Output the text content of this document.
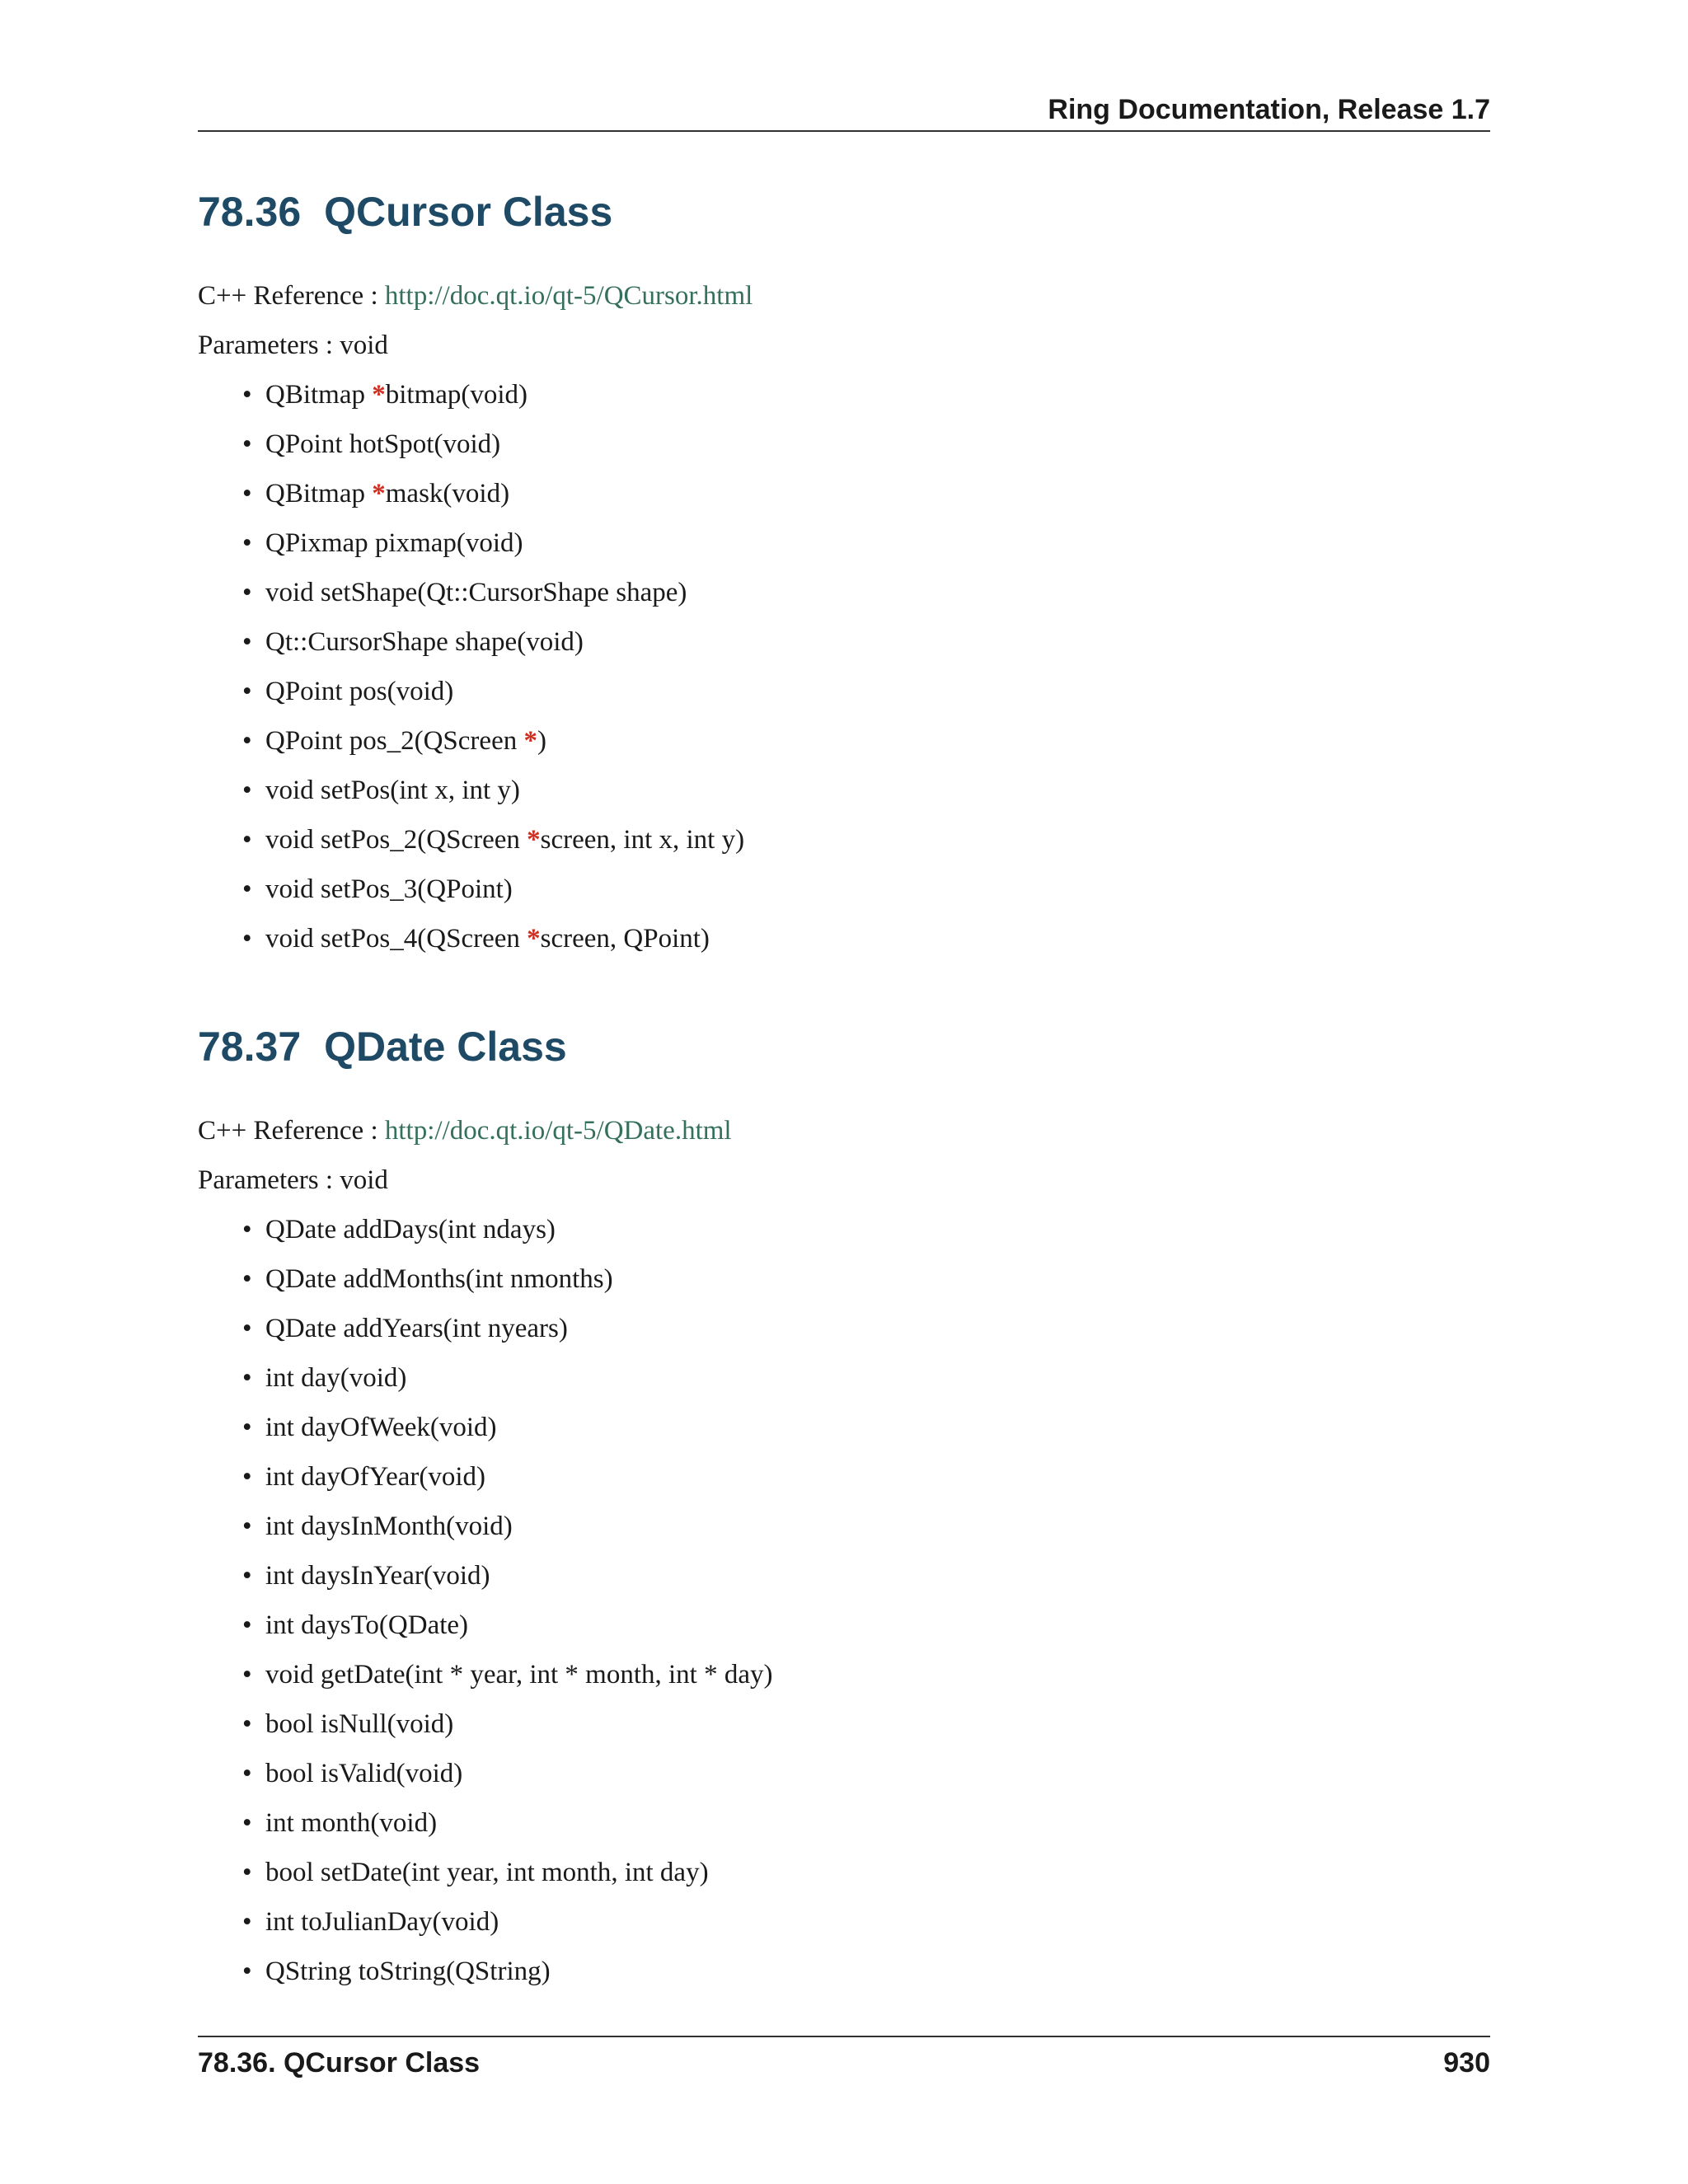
Ring Documentation, Release 1.7
78.36 QCursor Class

C++ Reference : http://doc.qt.io/qt-5/QCursor.html

Parameters : void

• QBitmap *bitmap(void)
• QPoint hotSpot(void)
• QBitmap *mask(void)
• QPixmap pixmap(void)
• void setShape(Qt::CursorShape shape)
• Qt::CursorShape shape(void)
• QPoint pos(void)
• QPoint pos_2(QScreen *)
• void setPos(int x, int y)
• void setPos_2(QScreen *screen, int x, int y)
• void setPos_3(QPoint)
• void setPos_4(QScreen *screen, QPoint)
78.37 QDate Class

C++ Reference : http://doc.qt.io/qt-5/QDate.html

Parameters : void

• QDate addDays(int ndays)
• QDate addMonths(int nmonths)
• QDate addYears(int nyears)
• int day(void)
• int dayOfWeek(void)
• int dayOfYear(void)
• int daysInMonth(void)
• int daysInYear(void)
• int daysTo(QDate)
• void getDate(int * year, int * month, int * day)
• bool isNull(void)
• bool isValid(void)
• int month(void)
• bool setDate(int year, int month, int day)
• int toJulianDay(void)
• QString toString(QString)
78.36. QCursor Class	930
